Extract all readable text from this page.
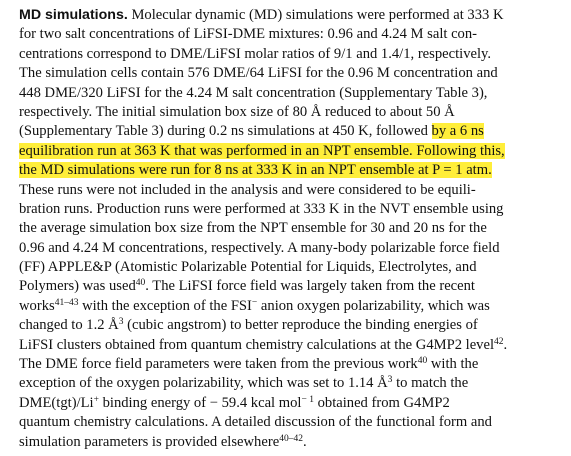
MD simulations. Molecular dynamic (MD) simulations were performed at 333 K
for two salt concentrations of LiFSI-DME mixtures: 0.96 and 4.24 M salt con-
centrations correspond to DME/LiFSI molar ratios of 9/1 and 1.4/1, respectively.
The simulation cells contain 576 DME/64 LiFSI for the 0.96 M concentration and
448 DME/320 LiFSI for the 4.24 M salt concentration (Supplementary Table 3),
respectively. The initial simulation box size of 80 Å reduced to about 50 Å
(Supplementary Table 3) during 0.2 ns simulations at 450 K, followed by a 6 ns
equilibration run at 363 K that was performed in an NPT ensemble. Following this,
the MD simulations were run for 8 ns at 333 K in an NPT ensemble at P = 1 atm.
These runs were not included in the analysis and were considered to be equili-
bration runs. Production runs were performed at 333 K in the NVT ensemble using
the average simulation box size from the NPT ensemble for 30 and 20 ns for the
0.96 and 4.24 M concentrations, respectively. A many-body polarizable force field
(FF) APPLE&P (Atomistic Polarizable Potential for Liquids, Electrolytes, and
Polymers) was used$^{40}$. The LiFSI force field was largely taken from the recent
works$^{41-43}$ with the exception of the FSI− anion oxygen polarizability, which was
changed to 1.2 $Å^3$ (cubic angstrom) to better reproduce the binding energies of
LiFSI clusters obtained from quantum chemistry calculations at the G4MP2 level$^{42}$.
The DME force field parameters were taken from the previous work$^{40}$ with the
exception of the oxygen polarizability, which was set to 1.14 $Å^3$ to match the
DME(tgt)/Li+ binding energy of − 59.4 kcal mol$^{- 1}$ obtained from G4MP2
quantum chemistry calculations. A detailed discussion of the functional form and
simulation parameters is provided elsewhere$^{40-42}$.
